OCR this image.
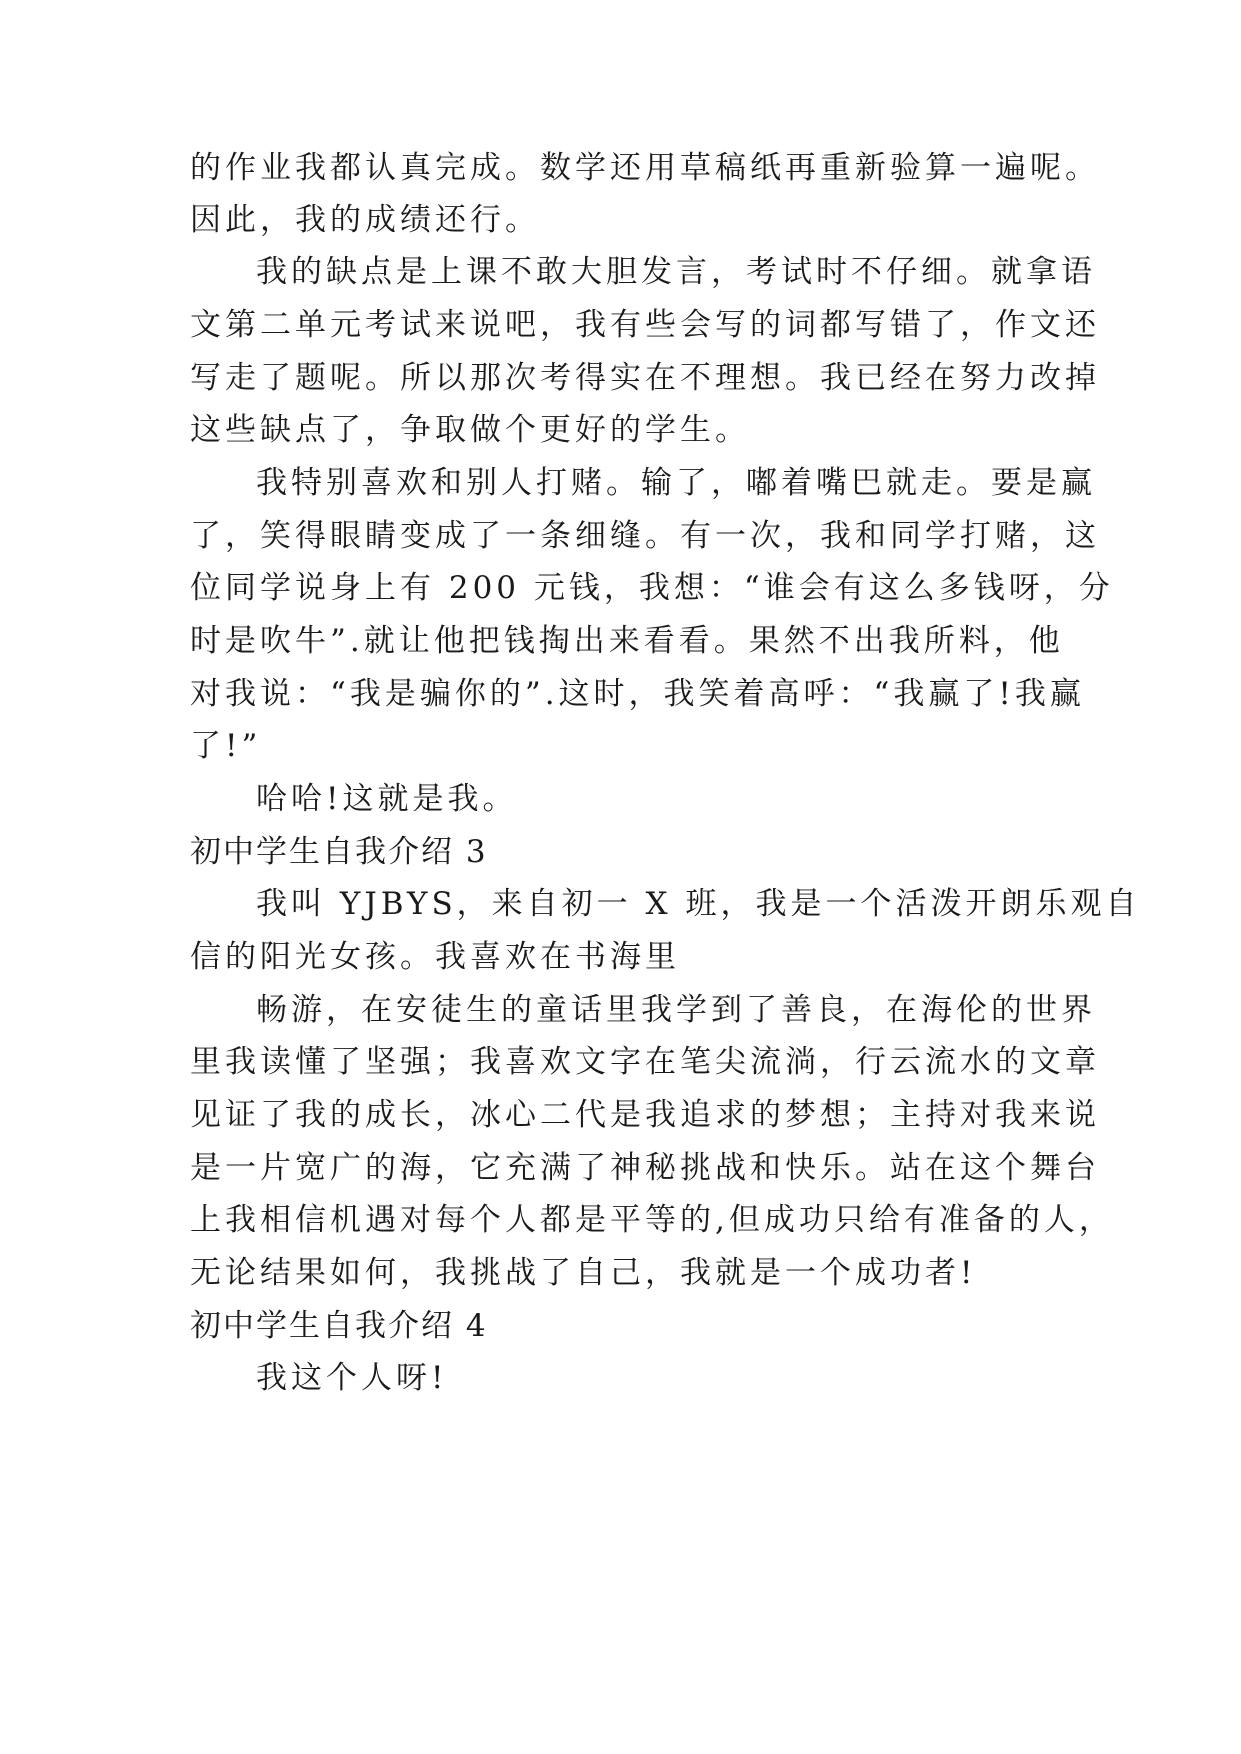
的作业我都认真完成。数学还用草稿纸再重新验算一遍呢。
因此，我的成绩还行。
我的缺点是上课不敢大胆发言，考试时不仔细。就拿语
文第二单元考试来说吧，我有些会写的词都写错了，作文还
写走了题呢。所以那次考得实在不理想。我已经在努力改掉
这些缺点了，争取做个更好的学生。
我特别喜欢和别人打赌。输了，嘟着嘴巴就走。要是赢
了，笑得眼睛变成了一条细缝。有一次，我和同学打赌，这
位同学说身上有 200 元钱，我想：“谁会有这么多钱呀，分
时是吹牛”.就让他把钱掏出来看看。果然不出我所料，他
对我说：“我是骗你的”.这时，我笑着高呼：“我赢了!我赢
了!”
哈哈!这就是我。
初中学生自我介绍 3
我叫 YJBYS，来自初一 X 班，我是一个活泼开朗乐观自
信的阳光女孩。我喜欢在书海里
畅游，在安徒生的童话里我学到了善良，在海伦的世界
里我读懂了坚强；我喜欢文字在笔尖流淌，行云流水的文章
见证了我的成长，冰心二代是我追求的梦想；主持对我来说
是一片宽广的海，它充满了神秘挑战和快乐。站在这个舞台
上我相信机遇对每个人都是平等的,但成功只给有准备的人，
无论结果如何，我挑战了自己，我就是一个成功者!
初中学生自我介绍 4
我这个人呀!
